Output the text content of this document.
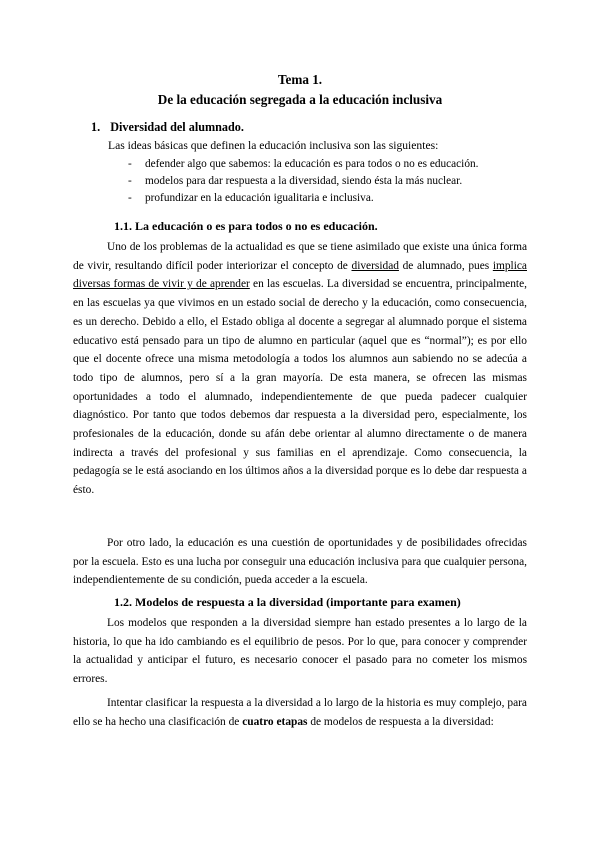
Tema 1.
De la educación segregada a la educación inclusiva
1. Diversidad del alumnado.
Las ideas básicas que definen la educación inclusiva son las siguientes:
- defender algo que sabemos: la educación es para todos o no es educación.
- modelos para dar respuesta a la diversidad, siendo ésta la más nuclear.
- profundizar en la educación igualitaria e inclusiva.
1.1. La educación o es para todos o no es educación.

Uno de los problemas de la actualidad es que se tiene asimilado que existe una única forma de vivir, resultando difícil poder interiorizar el concepto de diversidad de alumnado, pues implica diversas formas de vivir y de aprender en las escuelas. La diversidad se encuentra, principalmente, en las escuelas ya que vivimos en un estado social de derecho y la educación, como consecuencia, es un derecho. Debido a ello, el Estado obliga al docente a segregar al alumnado porque el sistema educativo está pensado para un tipo de alumno en particular (aquel que es “normal”); es por ello que el docente ofrece una misma metodología a todos los alumnos aun sabiendo no se adecúa a todo tipo de alumnos, pero sí a la gran mayoría. De esta manera, se ofrecen las mismas oportunidades a todo el alumnado, independientemente de que pueda padecer cualquier diagnóstico. Por tanto que todos debemos dar respuesta a la diversidad pero, especialmente, los profesionales de la educación, donde su afán debe orientar al alumno directamente o de manera indirecta a través del profesional y sus familias en el aprendizaje. Como consecuencia, la pedagogía se le está asociando en los últimos años a la diversidad porque es lo debe dar respuesta a ésto.

Por otro lado, la educación es una cuestión de oportunidades y de posibilidades ofrecidas por la escuela. Esto es una lucha por conseguir una educación inclusiva para que cualquier persona, independientemente de su condición, pueda acceder a la escuela.

1.2. Modelos de respuesta a la diversidad (importante para examen)

Los modelos que responden a la diversidad siempre han estado presentes a lo largo de la historia, lo que ha ido cambiando es el equilibrio de pesos. Por lo que, para conocer y comprender la actualidad y anticipar el futuro, es necesario conocer el pasado para no cometer los mismos errores.

Intentar clasificar la respuesta a la diversidad a lo largo de la historia es muy complejo, para ello se ha hecho una clasificación de cuatro etapas de modelos de respuesta a la diversidad:
